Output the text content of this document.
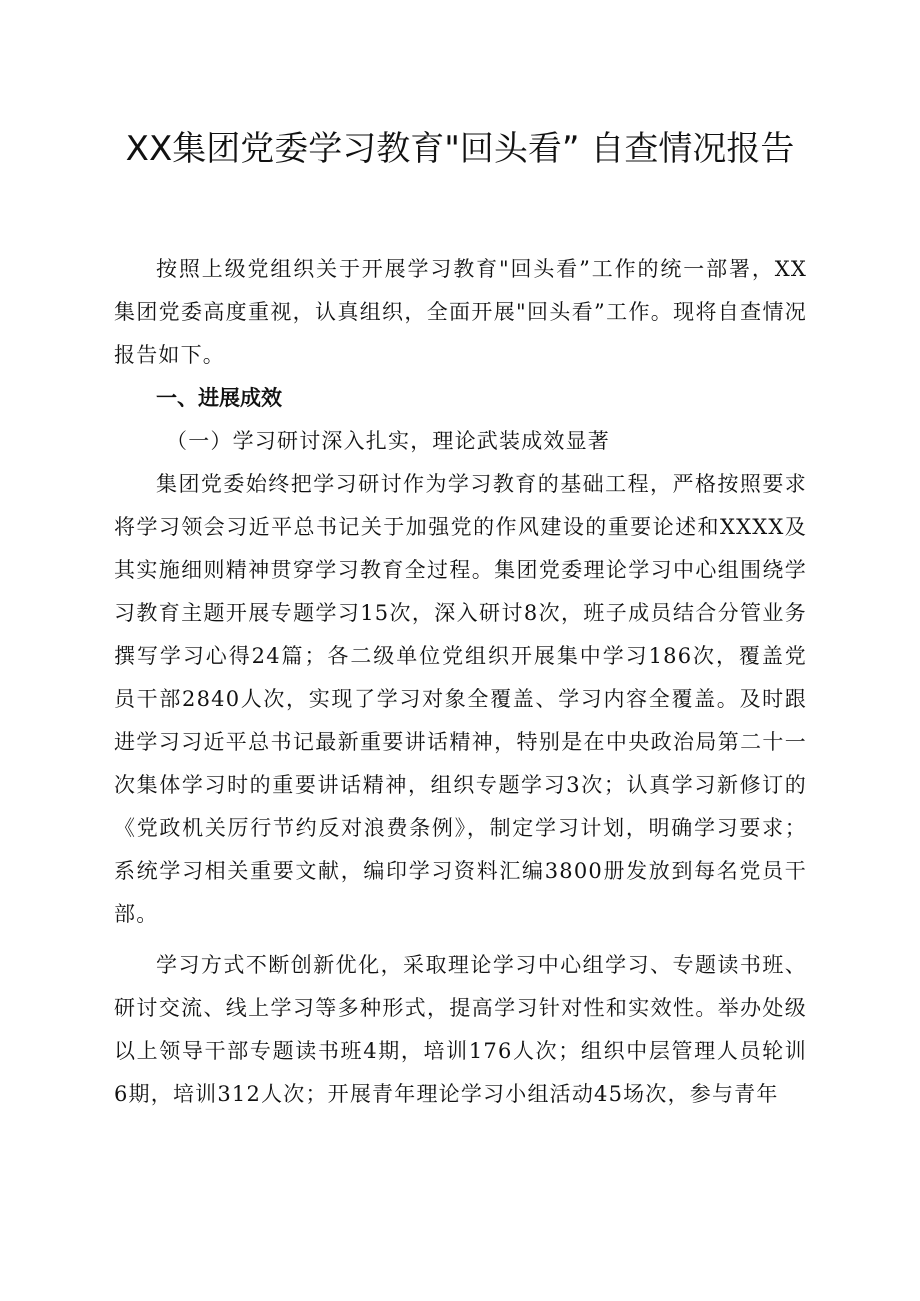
XX集团党委学习教育"回头看” 自查情况报告

按照上级党组织关于开展学习教育"回头看”工作的统一部署，XX集团党委高度重视，认真组织，全面开展"回头看”工作。现将自查情况报告如下。

一、进展成效

（一）学习研讨深入扎实，理论武装成效显著

集团党委始终把学习研讨作为学习教育的基础工程，严格按照要求将学习领会习近平总书记关于加强党的作风建设的重要论述和XXXX及其实施细则精神贯穿学习教育全过程。集团党委理论学习中心组围绕学习教育主题开展专题学习15次，深入研讨8次，班子成员结合分管业务撰写学习心得24篇；各二级单位党组织开展集中学习186次，覆盖党员干部2840人次，实现了学习对象全覆盖、学习内容全覆盖。及时跟进学习习近平总书记最新重要讲话精神，特别是在中央政治局第二十一次集体学习时的重要讲话精神，组织专题学习3次；认真学习新修订的《党政机关厉行节约反对浪费条例》，制定学习计划，明确学习要求；系统学习相关重要文献，编印学习资料汇编3800册发放到每名党员干部。

学习方式不断创新优化，采取理论学习中心组学习、专题读书班、研讨交流、线上学习等多种形式，提高学习针对性和实效性。举办处级以上领导干部专题读书班4期，培训176人次；组织中层管理人员轮训6期，培训312人次；开展青年理论学习小组活动45场次，参与青年
